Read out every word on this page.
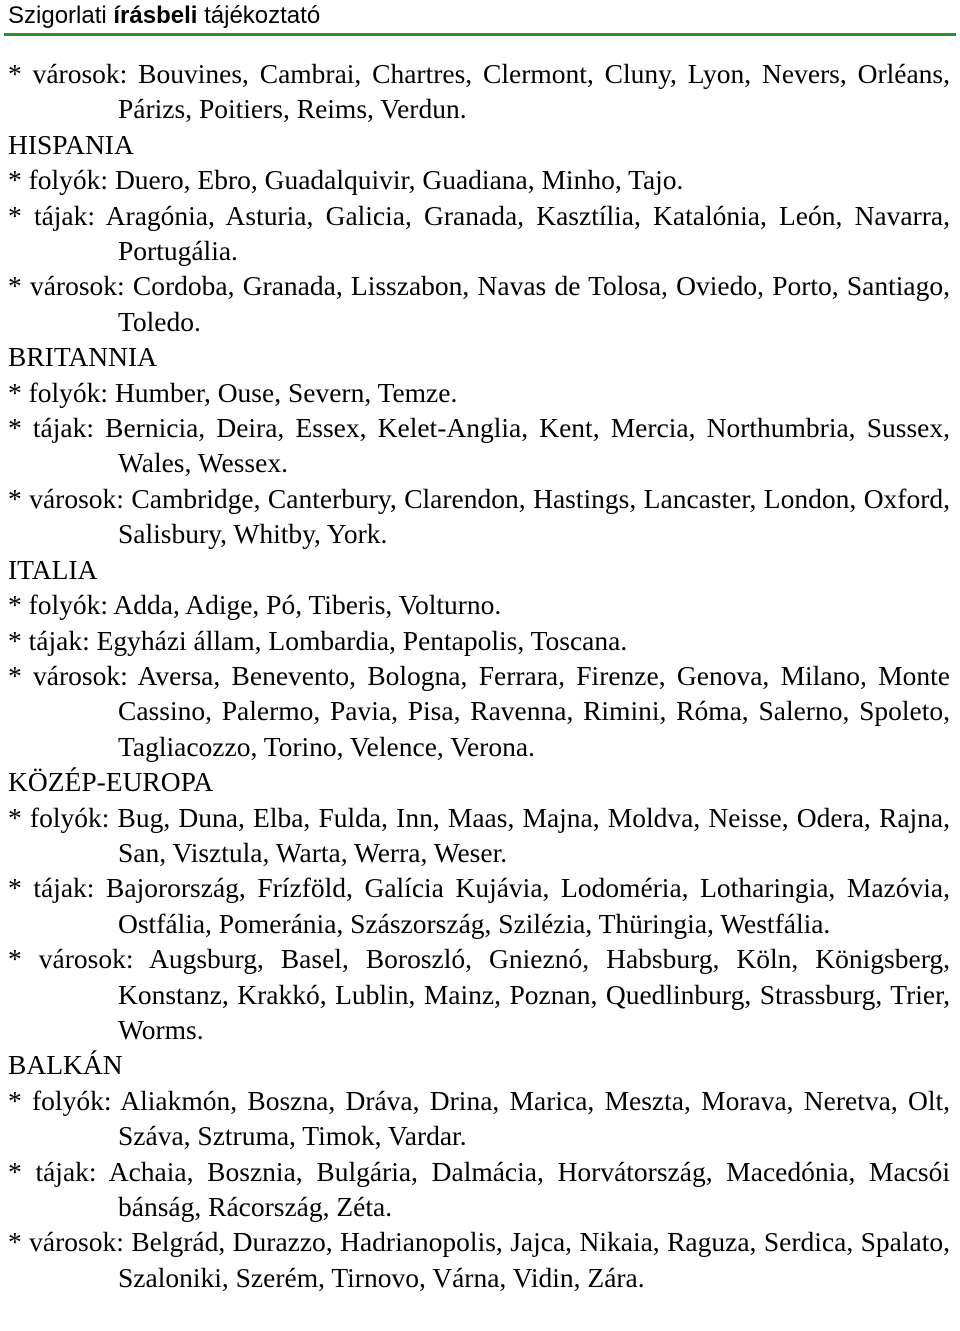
Szigorlati írásbeli tájékoztató
* városok: Bouvines, Cambrai, Chartres, Clermont, Cluny, Lyon, Nevers, Orléans, Párizs, Poitiers, Reims, Verdun.
HISPANIA
* folyók: Duero, Ebro, Guadalquivir, Guadiana, Minho, Tajo.
* tájak: Aragónia, Asturia, Galicia, Granada, Kasztília, Katalónia, León, Navarra, Portugália.
* városok: Cordoba, Granada, Lisszabon, Navas de Tolosa, Oviedo, Porto, Santiago, Toledo.
BRITANNIA
* folyók: Humber, Ouse, Severn, Temze.
* tájak: Bernicia, Deira, Essex, Kelet-Anglia, Kent, Mercia, Northumbria, Sussex, Wales, Wessex.
* városok: Cambridge, Canterbury, Clarendon, Hastings, Lancaster, London, Oxford, Salisbury, Whitby, York.
ITALIA
* folyók: Adda, Adige, Pó, Tiberis, Volturno.
* tájak: Egyházi állam, Lombardia, Pentapolis, Toscana.
* városok: Aversa, Benevento, Bologna, Ferrara, Firenze, Genova, Milano, Monte Cassino, Palermo, Pavia, Pisa, Ravenna, Rimini, Róma, Salerno, Spoleto, Tagliacozzo, Torino, Velence, Verona.
KÖZÉP-EUROPA
* folyók: Bug, Duna, Elba, Fulda, Inn, Maas, Majna, Moldva, Neisse, Odera, Rajna, San, Visztula, Warta, Werra, Weser.
* tájak: Bajorország, Frízföld, Galícia Kujávia, Lodoméria, Lotharingia, Mazóvia, Ostfália, Pomeránia, Szászország, Szilézia, Thüringia, Westfália.
* városok: Augsburg, Basel, Boroszló, Gnieznó, Habsburg, Köln, Königsberg, Konstanz, Krakkó, Lublin, Mainz, Poznan, Quedlinburg, Strassburg, Trier, Worms.
BALKÁN
* folyók: Aliakmón, Boszna, Dráva, Drina, Marica, Meszta, Morava, Neretva, Olt, Száva, Sztruma, Timok, Vardar.
* tájak: Achaia, Bosznia, Bulgária, Dalmácia, Horvátország, Macedónia, Macsói bánság, Rácország, Zéta.
* városok: Belgrád, Durazzo, Hadrianopolis, Jajca, Nikaia, Raguza, Serdica, Spalato, Szaloniki, Szerém, Tirnovo, Várna, Vidin, Zára.
